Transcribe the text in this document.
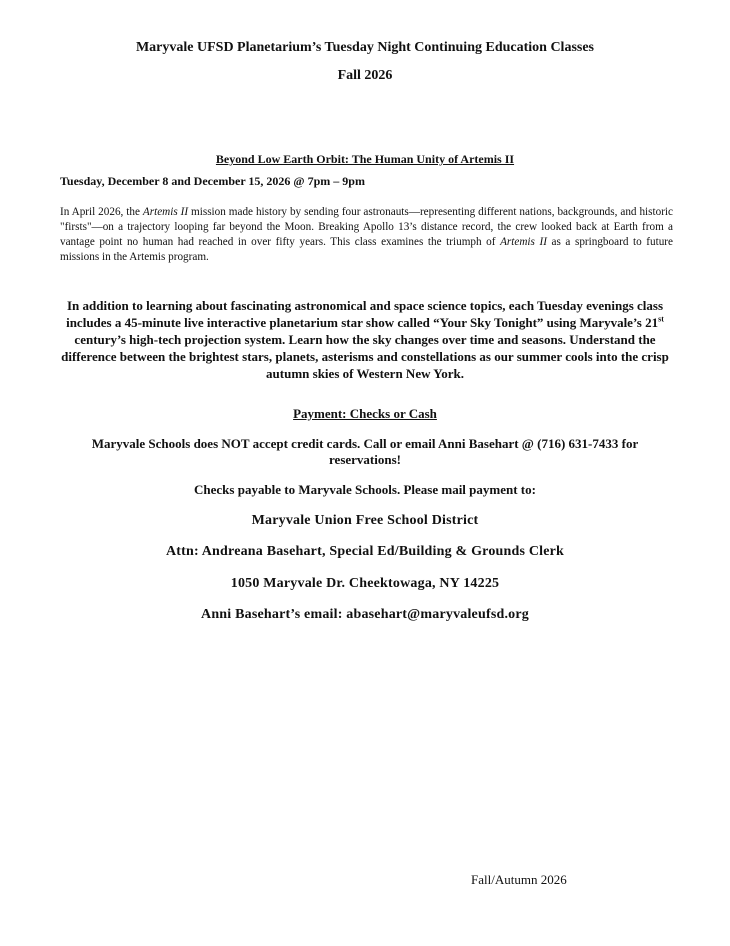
Maryvale UFSD Planetarium’s Tuesday Night Continuing Education Classes
Fall 2026
Beyond Low Earth Orbit: The Human Unity of Artemis II
Tuesday, December 8 and December 15, 2026 @ 7pm – 9pm
In April 2026, the Artemis II mission made history by sending four astronauts—representing different nations, backgrounds, and historic "firsts"—on a trajectory looping far beyond the Moon. Breaking Apollo 13’s distance record, the crew looked back at Earth from a vantage point no human had reached in over fifty years. This class examines the triumph of Artemis II as a springboard to future missions in the Artemis program.
In addition to learning about fascinating astronomical and space science topics, each Tuesday evenings class includes a 45-minute live interactive planetarium star show called “Your Sky Tonight” using Maryvale’s 21st century’s high-tech projection system. Learn how the sky changes over time and seasons. Understand the difference between the brightest stars, planets, asterisms and constellations as our summer cools into the crisp autumn skies of Western New York.
Payment: Checks or Cash
Maryvale Schools does NOT accept credit cards. Call or email Anni Basehart @ (716) 631-7433 for reservations!
Checks payable to Maryvale Schools. Please mail payment to:
Maryvale Union Free School District
Attn: Andreana Basehart, Special Ed/Building & Grounds Clerk
1050 Maryvale Dr. Cheektowaga, NY 14225
Anni Basehart’s email: abasehart@maryvaleufsd.org
Fall/Autumn 2026
